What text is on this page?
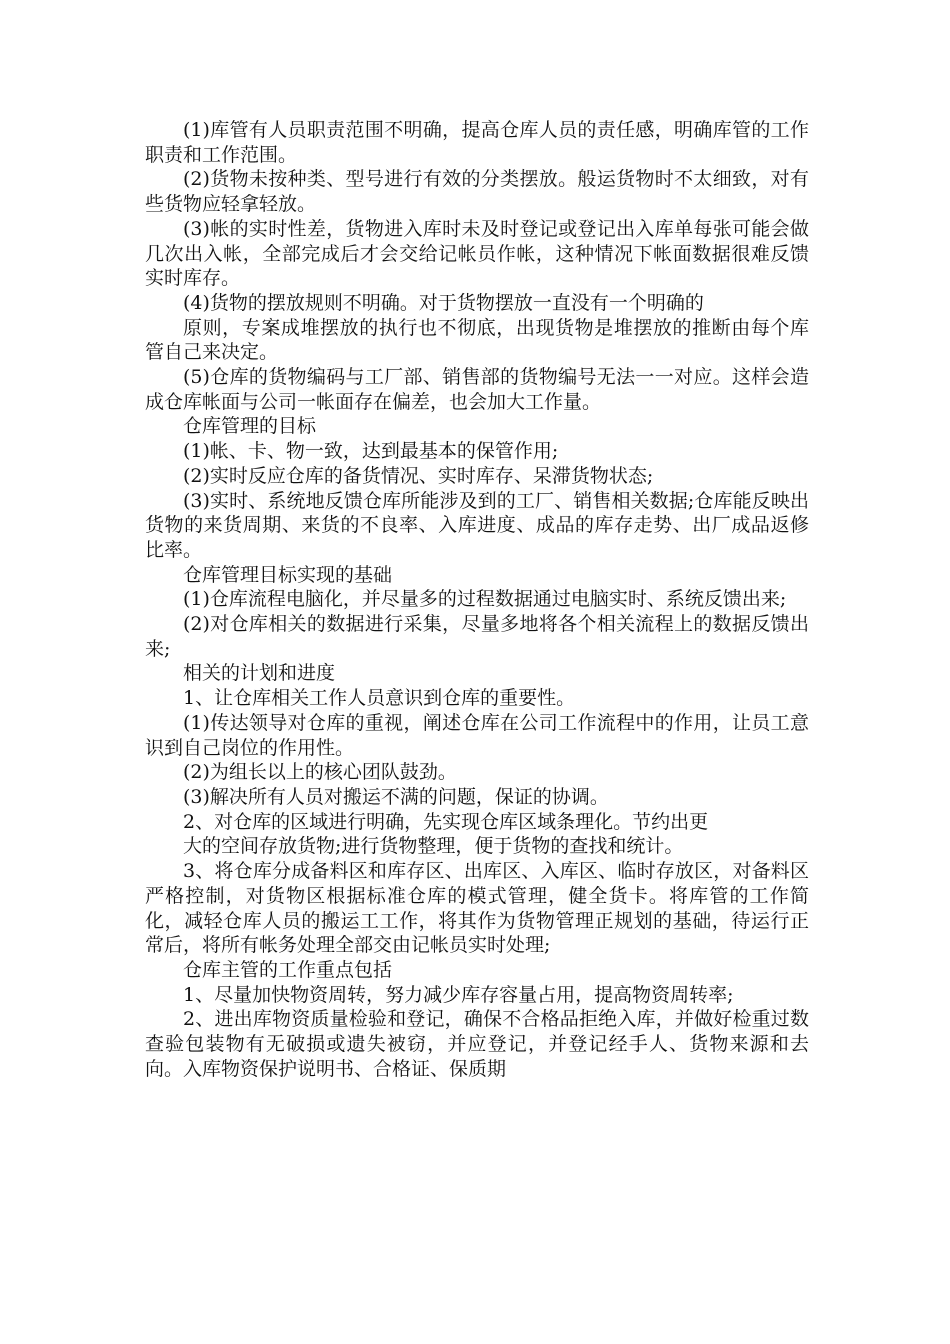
(1)库管有人员职责范围不明确，提高仓库人员的责任感，明确库管的工作职责和工作范围。

(2)货物未按种类、型号进行有效的分类摆放。般运货物时不太细致，对有些货物应轻拿轻放。

(3)帐的实时性差，货物进入库时未及时登记或登记出入库单每张可能会做几次出入帐，全部完成后才会交给记帐员作帐，这种情况下帐面数据很难反馈实时库存。

(4)货物的摆放规则不明确。对于货物摆放一直没有一个明确的

原则，专案成堆摆放的执行也不彻底，出现货物是堆摆放的推断由每个库管自己来决定。

(5)仓库的货物编码与工厂部、销售部的货物编号无法一一对应。这样会造成仓库帐面与公司一帐面存在偏差，也会加大工作量。

仓库管理的目标

(1)帐、卡、物一致，达到最基本的保管作用;

(2)实时反应仓库的备货情况、实时库存、呆滞货物状态;

(3)实时、系统地反馈仓库所能涉及到的工厂、销售相关数据;仓库能反映出货物的来货周期、来货的不良率、入库进度、成品的库存走势、出厂成品返修比率。

仓库管理目标实现的基础

(1)仓库流程电脑化，并尽量多的过程数据通过电脑实时、系统反馈出来;

(2)对仓库相关的数据进行采集，尽量多地将各个相关流程上的数据反馈出来;

相关的计划和进度

1、让仓库相关工作人员意识到仓库的重要性。

(1)传达领导对仓库的重视，阐述仓库在公司工作流程中的作用，让员工意识到自己岗位的作用性。

(2)为组长以上的核心团队鼓劲。

(3)解决所有人员对搬运不满的问题，保证的协调。

2、对仓库的区域进行明确，先实现仓库区域条理化。节约出更

大的空间存放货物;进行货物整理，便于货物的查找和统计。

3、将仓库分成备料区和库存区、出库区、入库区、临时存放区，对备料区严格控制，对货物区根据标准仓库的模式管理，健全货卡。将库管的工作简化，减轻仓库人员的搬运工工作，将其作为货物管理正规划的基础，待运行正常后，将所有帐务处理全部交由记帐员实时处理;

仓库主管的工作重点包括

1、尽量加快物资周转，努力减少库存容量占用，提高物资周转率;

2、进出库物资质量检验和登记，确保不合格品拒绝入库，并做好检重过数查验包装物有无破损或遗失被窃，并应登记，并登记经手人、货物来源和去向。入库物资保护说明书、合格证、保质期
